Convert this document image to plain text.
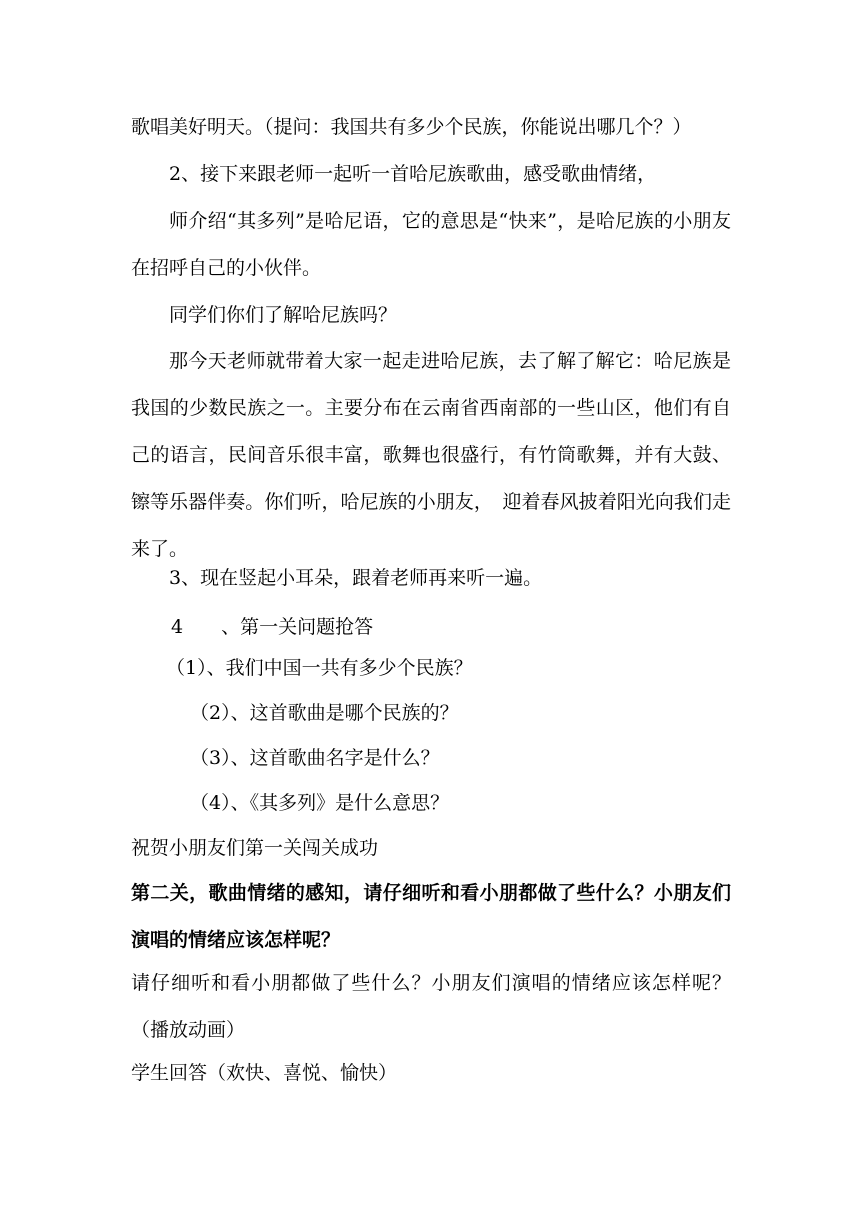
歌唱美好明天。（提问：我国共有多少个民族，你能说出哪几个？）

2、接下来跟老师一起听一首哈尼族歌曲，感受歌曲情绪，

师介绍“其多列”是哈尼语，它的意思是“快来”，是哈尼族的小朋友在招呼自己的小伙伴。

同学们你们了解哈尼族吗？

那今天老师就带着大家一起走进哈尼族，去了解了解它：哈尼族是我国的少数民族之一。主要分布在云南省西南部的一些山区，他们有自己的语言，民间音乐很丰富，歌舞也很盛行，有竹筒歌舞，并有大鼓、镲等乐器伴奏。你们听，哈尼族的小朋友，　迎着春风披着阳光向我们走来了。

3、现在竖起小耳朵，跟着老师再来听一遍。

4　　、第一关问题抢答

（1）、我们中国一共有多少个民族？

（2）、这首歌曲是哪个民族的？

（3）、这首歌曲名字是什么？

（4）、《其多列》是什么意思？

祝贺小朋友们第一关闯关成功

第二关，歌曲情绪的感知，请仔细听和看小朋都做了些什么？小朋友们演唱的情绪应该怎样呢？

请仔细听和看小朋都做了些什么？小朋友们演唱的情绪应该怎样呢？（播放动画）

学生回答（欢快、喜悦、愉快）
